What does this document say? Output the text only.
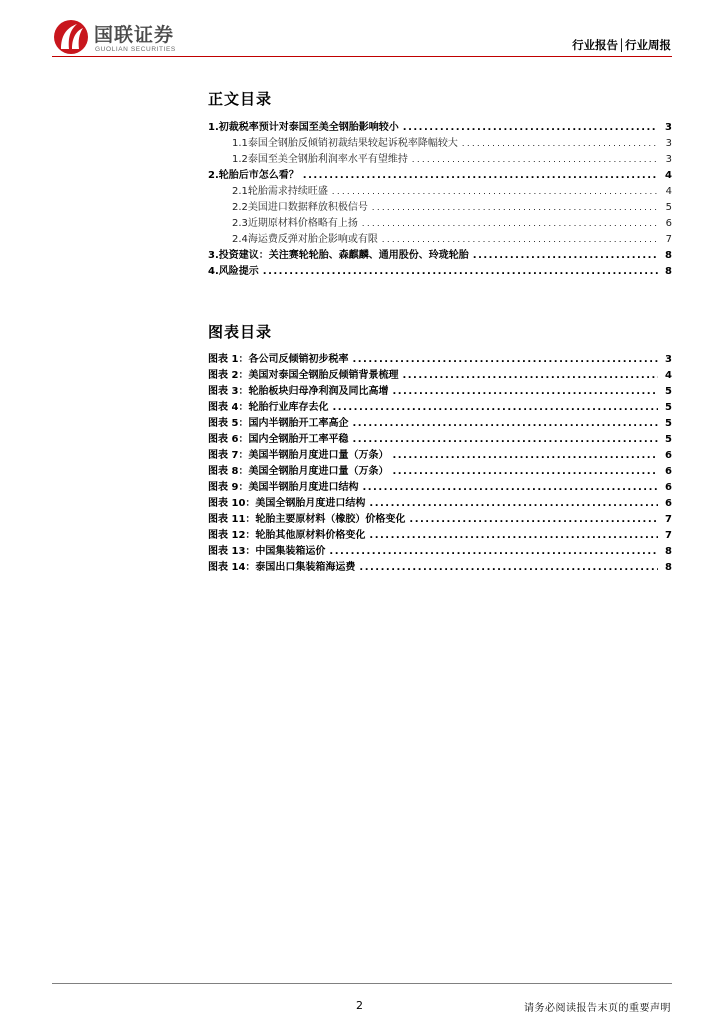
国联证券
GUOLIAN SECURITIES	行业报告│行业周报
正文目录
1. 初裁税率预计对泰国至美全钢胎影响较小 .....	3
1.1 泰国全钢胎反倾销初裁结果较起诉税率降幅较大 .....	3
1.2 泰国至美全钢胎利润率水平有望维持 .....	3
2. 轮胎后市怎么看？ .....	4
2.1 轮胎需求持续旺盛 .....	4
2.2 美国进口数据释放积极信号 .....	5
2.3 近期原材料价格略有上扬 .....	6
2.4 海运费反弹对胎企影响或有限 .....	7
3. 投资建议：关注赛轮轮胎、森麒麟、通用股份、玲珑轮胎 .....	8
4. 风险提示 .....	8
图表目录
图表 1： 各公司反倾销初步税率 .....	3
图表 2： 美国对泰国全钢胎反倾销背景梳理 .....	4
图表 3： 轮胎板块归母净利润及同比高增 .....	5
图表 4： 轮胎行业库存去化 .....	5
图表 5： 国内半钢胎开工率高企 .....	5
图表 6： 国内全钢胎开工率平稳 .....	5
图表 7： 美国半钢胎月度进口量（万条） .....	6
图表 8： 美国全钢胎月度进口量（万条） .....	6
图表 9： 美国半钢胎月度进口结构 .....	6
图表 10： 美国全钢胎月度进口结构 .....	6
图表 11： 轮胎主要原材料（橡胶）价格变化 .....	7
图表 12： 轮胎其他原材料价格变化 .....	7
图表 13： 中国集装箱运价 .....	8
图表 14： 泰国出口集装箱海运费 .....	8
2	请务必阅读报告末页的重要声明
